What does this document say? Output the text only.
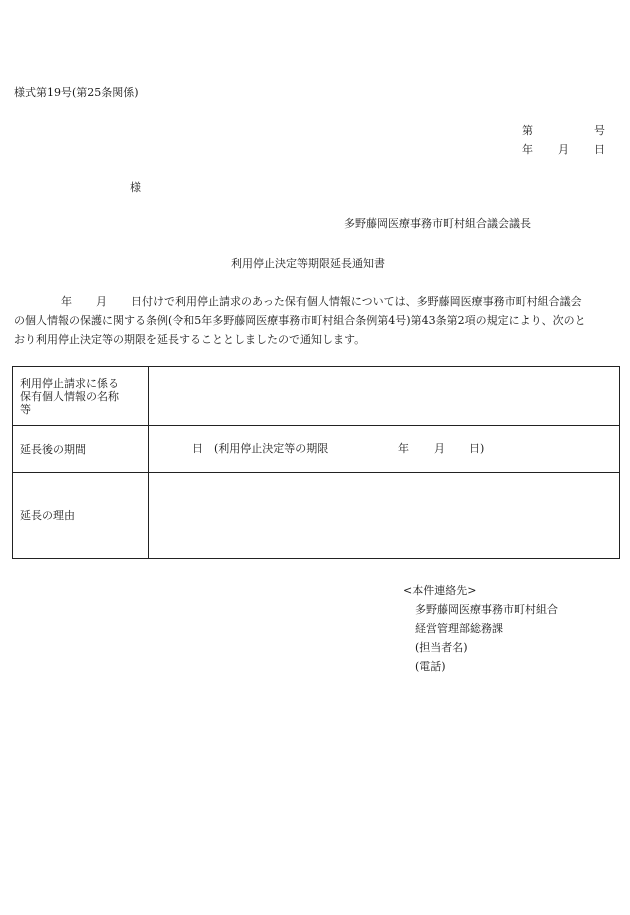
様式第19号(第25条関係)
第	号
年 月 日
様
多野藤岡医療事務市町村組合議会議長
利用停止決定等期限延長通知書
年 月 日付けで利用停止請求のあった保有個人情報については、多野藤岡医療事務市町村組合議会
の個人情報の保護に関する条例(令和5年多野藤岡医療事務市町村組合条例第4号)第43条第2項の規定により、次のと
おり利用停止決定等の期限を延長することとしましたので通知します。
利用停止請求に係る
保有個人情報の名称
等	

延長後の期間	日 (利用停止決定等の期限 年 月 日)

延長の理由	
<本件連絡先>
多野藤岡医療事務市町村組合
経営管理部総務課
(担当者名)
(電話)
